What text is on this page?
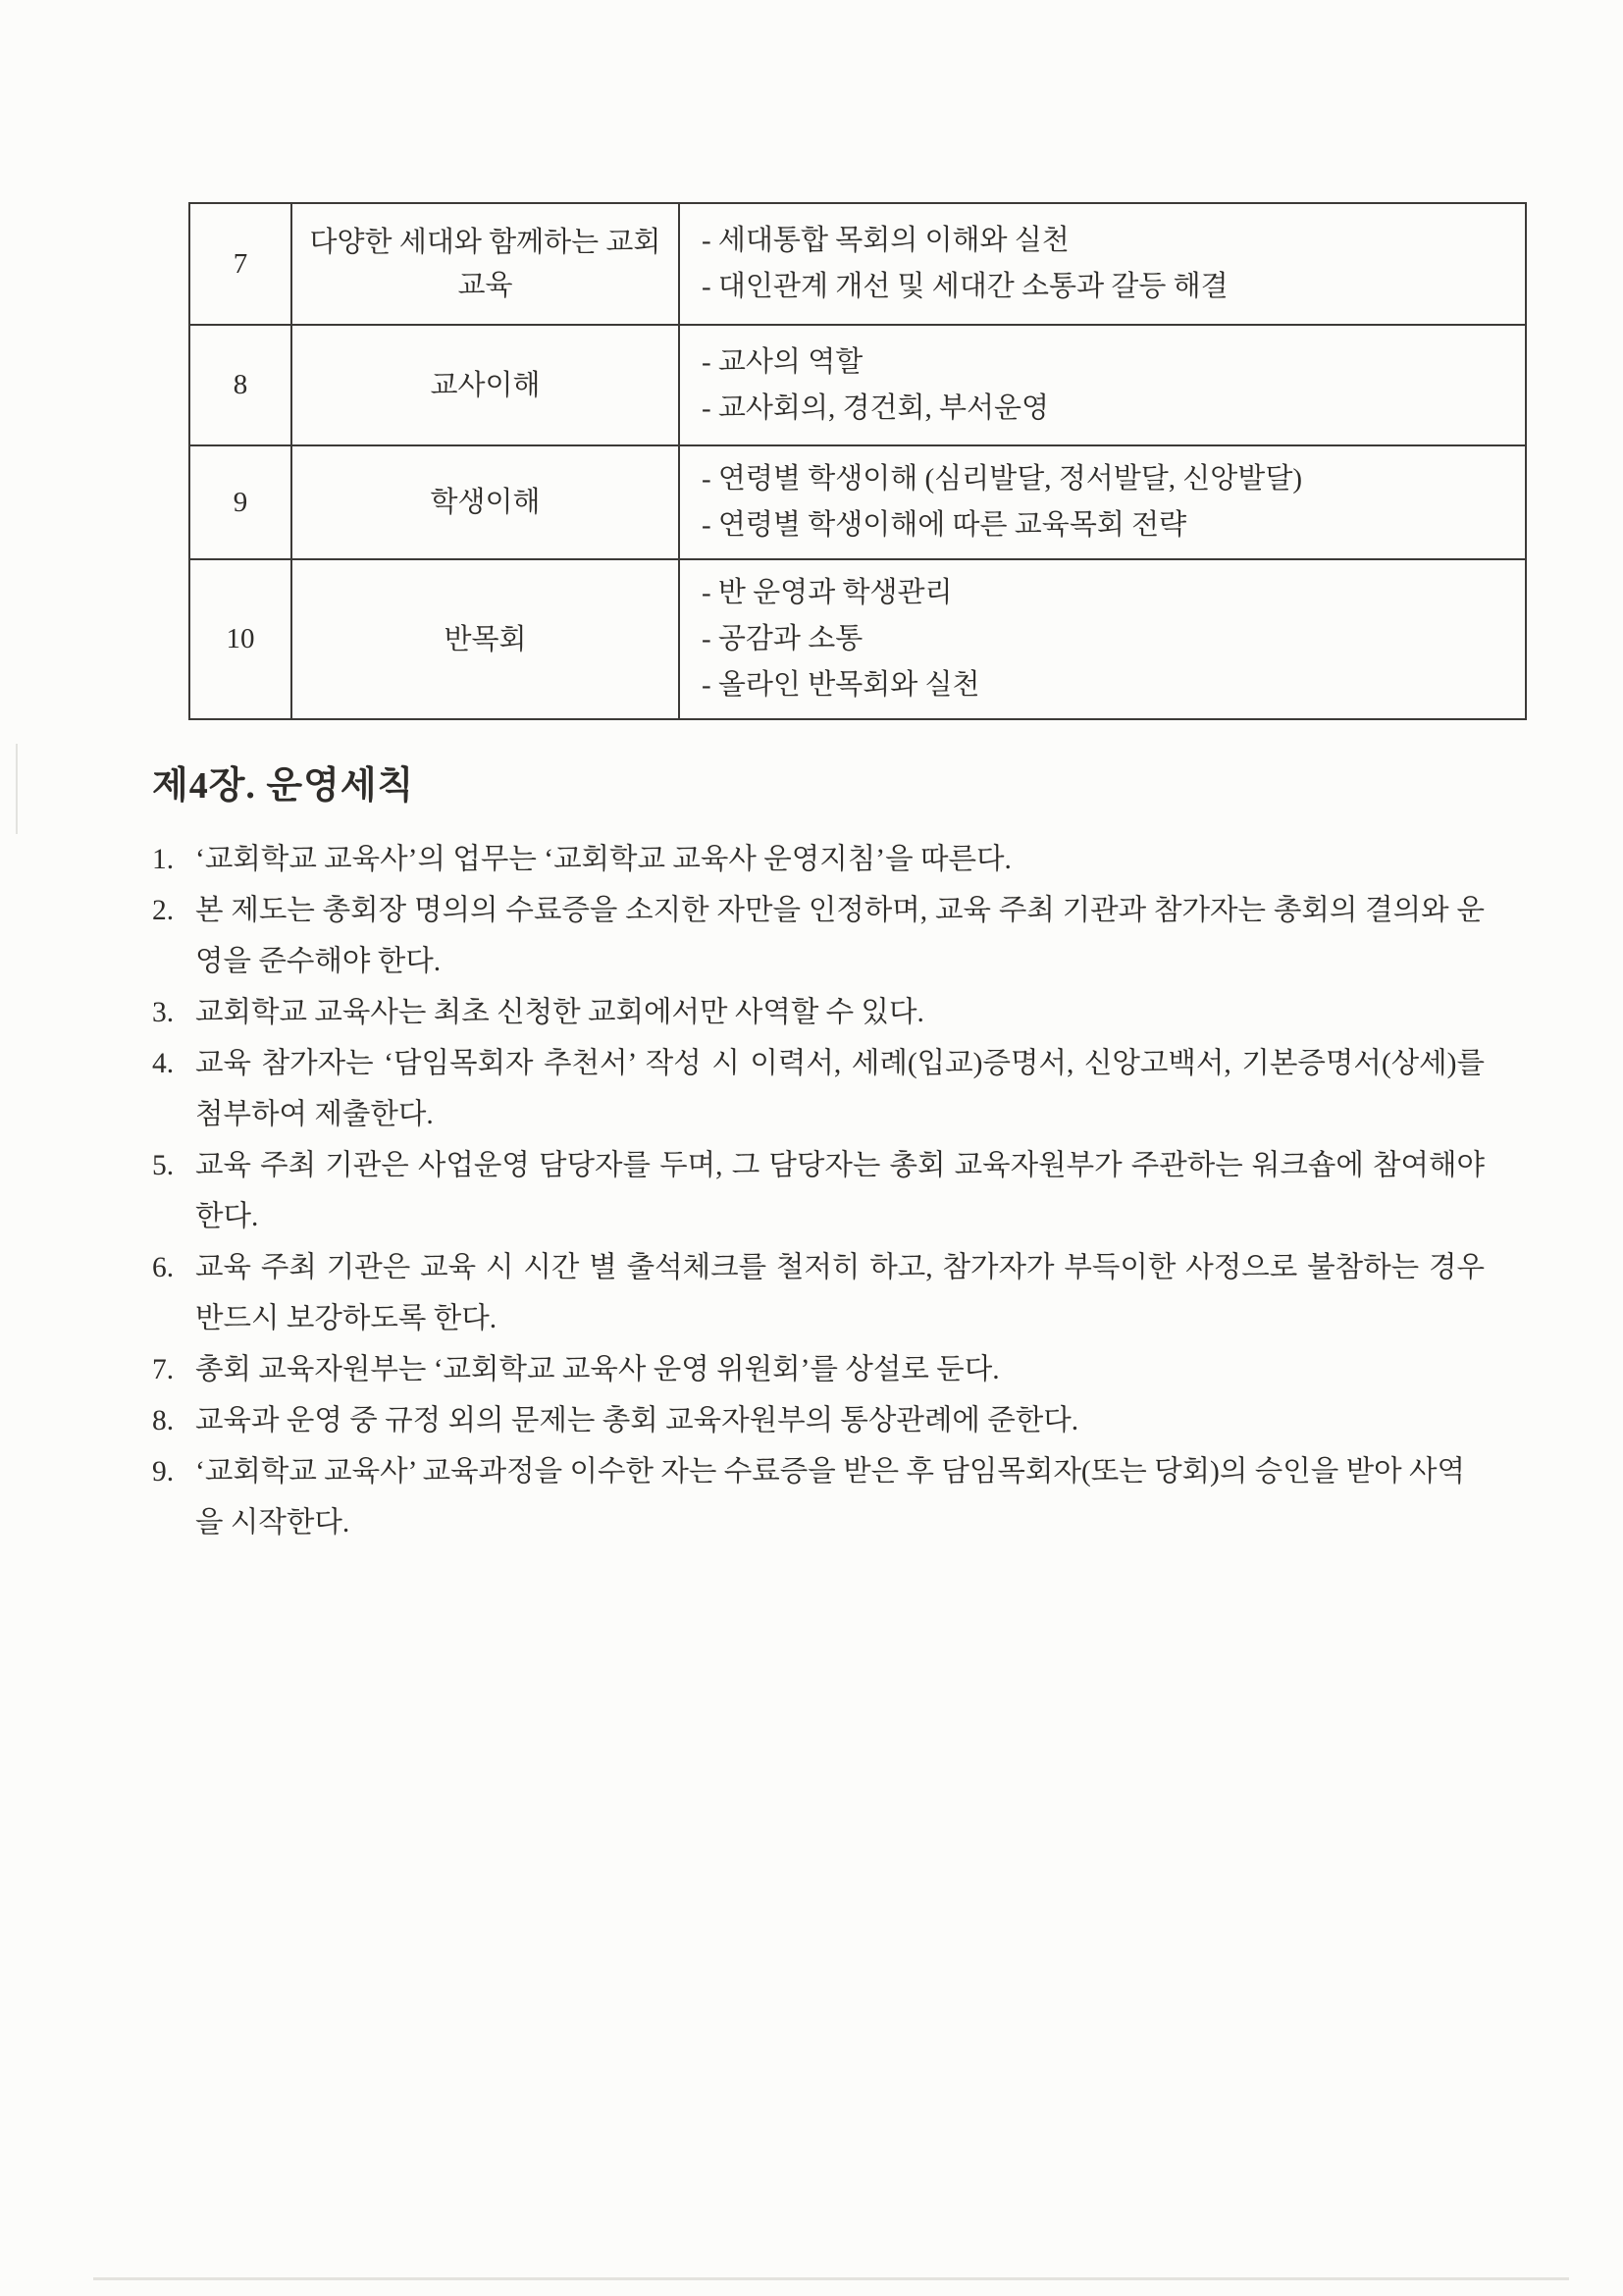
7	다양한 세대와 함께하는 교회교육	- 세대통합 목회의 이해와 실천
- 대인관계 개선 및 세대간 소통과 갈등 해결

8	교사이해	- 교사의 역할
- 교사회의, 경건회, 부서운영

9	학생이해	- 연령별 학생이해 (심리발달, 정서발달, 신앙발달)
- 연령별 학생이해에 따른 교육목회 전략

10	반목회	- 반 운영과 학생관리
- 공감과 소통
- 올라인 반목회와 실천
제4장. 운영세칙
1. ‘교회학교 교육사’의 업무는 ‘교회학교 교육사 운영지침’을 따른다.
2. 본 제도는 총회장 명의의 수료증을 소지한 자만을 인정하며, 교육 주최 기관과 참가자는 총회의 결의와 운영을 준수해야 한다.
3. 교회학교 교육사는 최초 신청한 교회에서만 사역할 수 있다.
4. 교육 참가자는 ‘담임목회자 추천서’ 작성 시 이력서, 세례(입교)증명서, 신앙고백서, 기본증명서(상세)를 첨부하여 제출한다.
5. 교육 주최 기관은 사업운영 담당자를 두며, 그 담당자는 총회 교육자원부가 주관하는 워크숍에 참여해야 한다.
6. 교육 주최 기관은 교육 시 시간 별 출석체크를 철저히 하고, 참가자가 부득이한 사정으로 불참하는 경우 반드시 보강하도록 한다.
7. 총회 교육자원부는 ‘교회학교 교육사 운영 위원회’를 상설로 둔다.
8. 교육과 운영 중 규정 외의 문제는 총회 교육자원부의 통상관례에 준한다.
9. ‘교회학교 교육사’ 교육과정을 이수한 자는 수료증을 받은 후 담임목회자(또는 당회)의 승인을 받아 사역을 시작한다.
